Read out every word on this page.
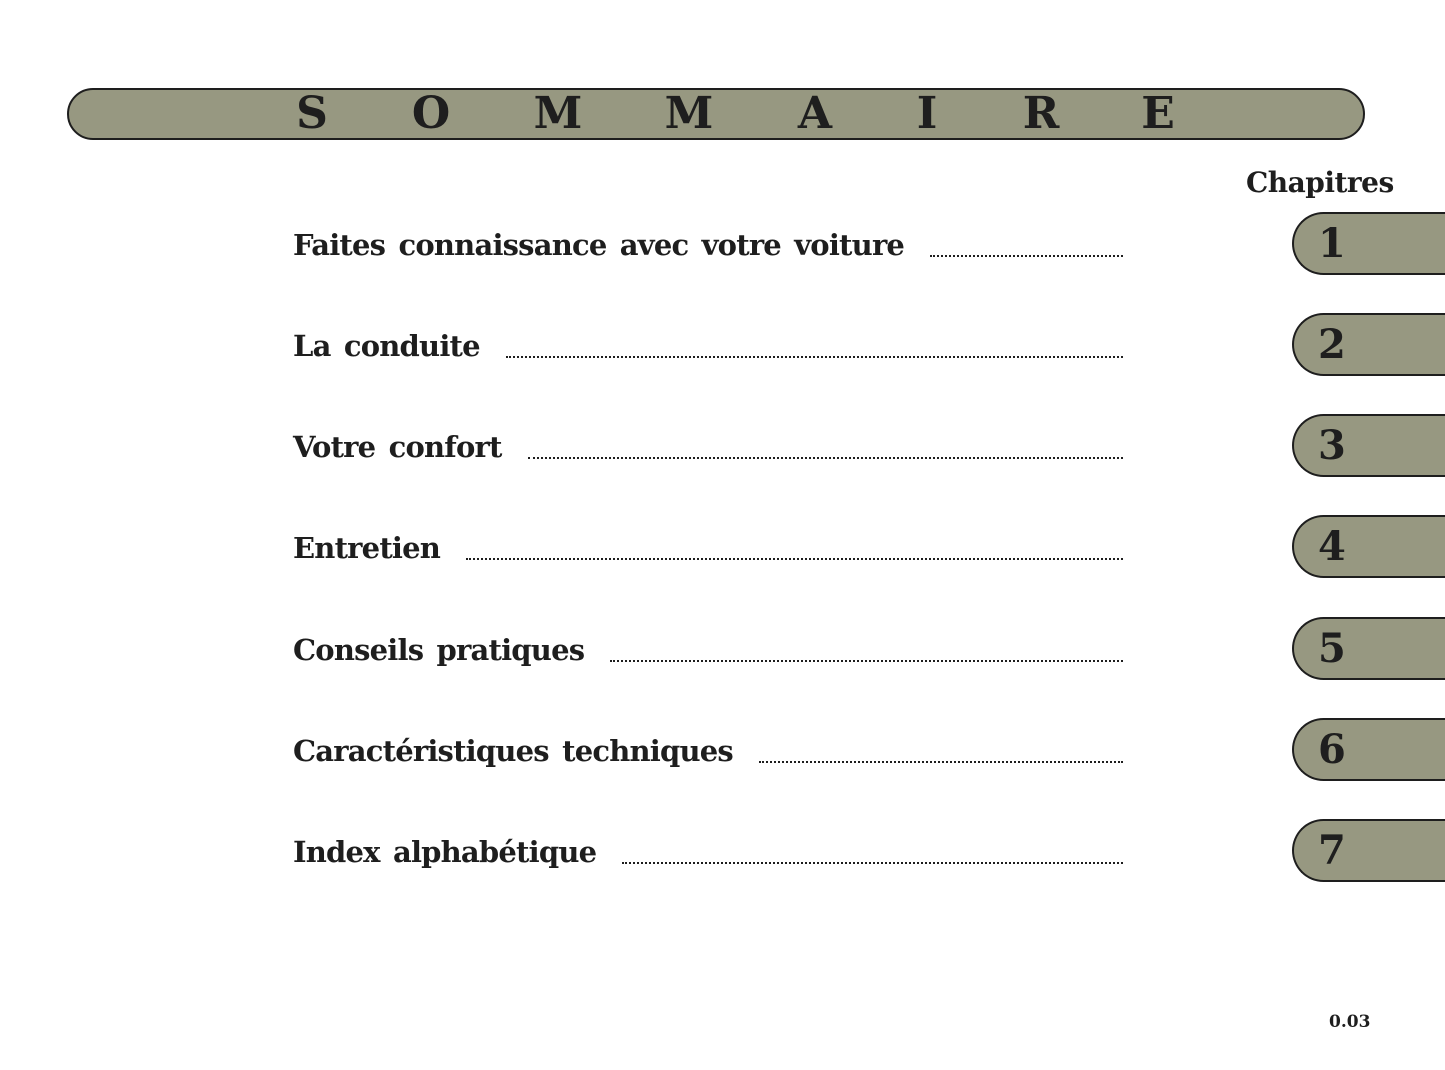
S O M M A I R E
Chapitres
Faites connaissance avec votre voiture
La conduite
Votre confort
Entretien
Conseils pratiques
Caractéristiques techniques
Index alphabétique
1
2
3
4
5
6
7
0.03
